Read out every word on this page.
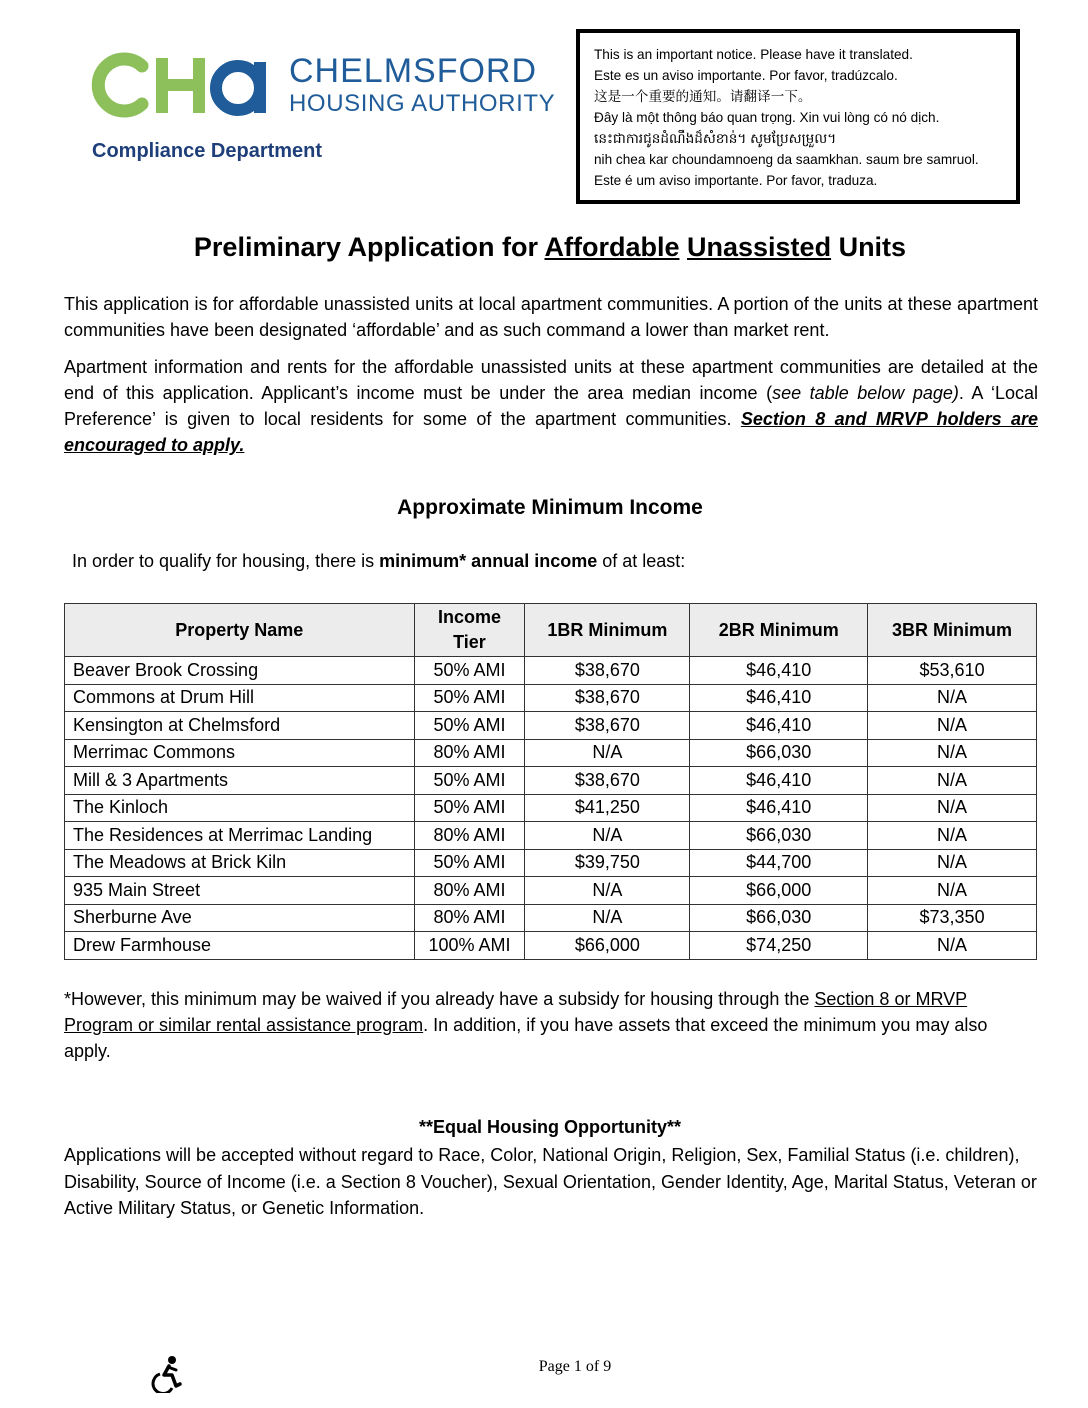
CHELMSFORD
HOUSING AUTHORITY
Compliance Department
This is an important notice. Please have it translated.
Este es un aviso importante. Por favor, tradúzcalo.
这是一个重要的通知。请翻译一下。
Đây là một thông báo quan trọng. Xin vui lòng có nó dịch.
នេះជាការជូនដំណឹងដ៏សំខាន់។ សូមប្រែសម្រួល។
nih chea kar choundamnoeng da saamkhan. saum bre samruol.
Este é um aviso importante. Por favor, traduza.
Preliminary Application for Affordable Unassisted Units
This application is for affordable unassisted units at local apartment communities. A portion of the units at these apartment communities have been designated ‘affordable’ and as such command a lower than market rent.
Apartment information and rents for the affordable unassisted units at these apartment communities are detailed at the end of this application. Applicant’s income must be under the area median income (see table below page). A ‘Local Preference’ is given to local residents for some of the apartment communities. Section 8 and MRVP holders are encouraged to apply.
Approximate Minimum Income
In order to qualify for housing, there is minimum* annual income of at least:
Property Name	Income Tier	1BR Minimum	2BR Minimum	3BR Minimum
Beaver Brook Crossing	50% AMI	$38,670	$46,410	$53,610
Commons at Drum Hill	50% AMI	$38,670	$46,410	N/A
Kensington at Chelmsford	50% AMI	$38,670	$46,410	N/A
Merrimac Commons	80% AMI	N/A	$66,030	N/A
Mill & 3 Apartments	50% AMI	$38,670	$46,410	N/A
The Kinloch	50% AMI	$41,250	$46,410	N/A
The Residences at Merrimac Landing	80% AMI	N/A	$66,030	N/A
The Meadows at Brick Kiln	50% AMI	$39,750	$44,700	N/A
935 Main Street	80% AMI	N/A	$66,000	N/A
Sherburne Ave	80% AMI	N/A	$66,030	$73,350
Drew Farmhouse	100% AMI	$66,000	$74,250	N/A
*However, this minimum may be waived if you already have a subsidy for housing through the Section 8 or MRVP Program or similar rental assistance program. In addition, if you have assets that exceed the minimum you may also apply.
**Equal Housing Opportunity**
Applications will be accepted without regard to Race, Color, National Origin, Religion, Sex, Familial Status (i.e. children), Disability, Source of Income (i.e. a Section 8 Voucher), Sexual Orientation, Gender Identity, Age, Marital Status, Veteran or Active Military Status, or Genetic Information.
Page 1 of 9
